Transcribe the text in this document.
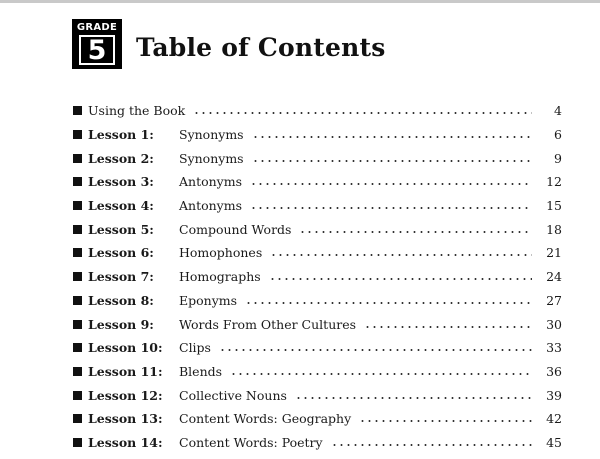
GRADE
5	Table of Contents
Using the Book	4
Lesson 1:	Synonyms	6
Lesson 2:	Synonyms	9
Lesson 3:	Antonyms	12
Lesson 4:	Antonyms	15
Lesson 5:	Compound Words	18
Lesson 6:	Homophones	21
Lesson 7:	Homographs	24
Lesson 8:	Eponyms	27
Lesson 9:	Words From Other Cultures	30
Lesson 10:	Clips	33
Lesson 11:	Blends	36
Lesson 12:	Collective Nouns	39
Lesson 13:	Content Words: Geography	42
Lesson 14:	Content Words: Poetry	45
